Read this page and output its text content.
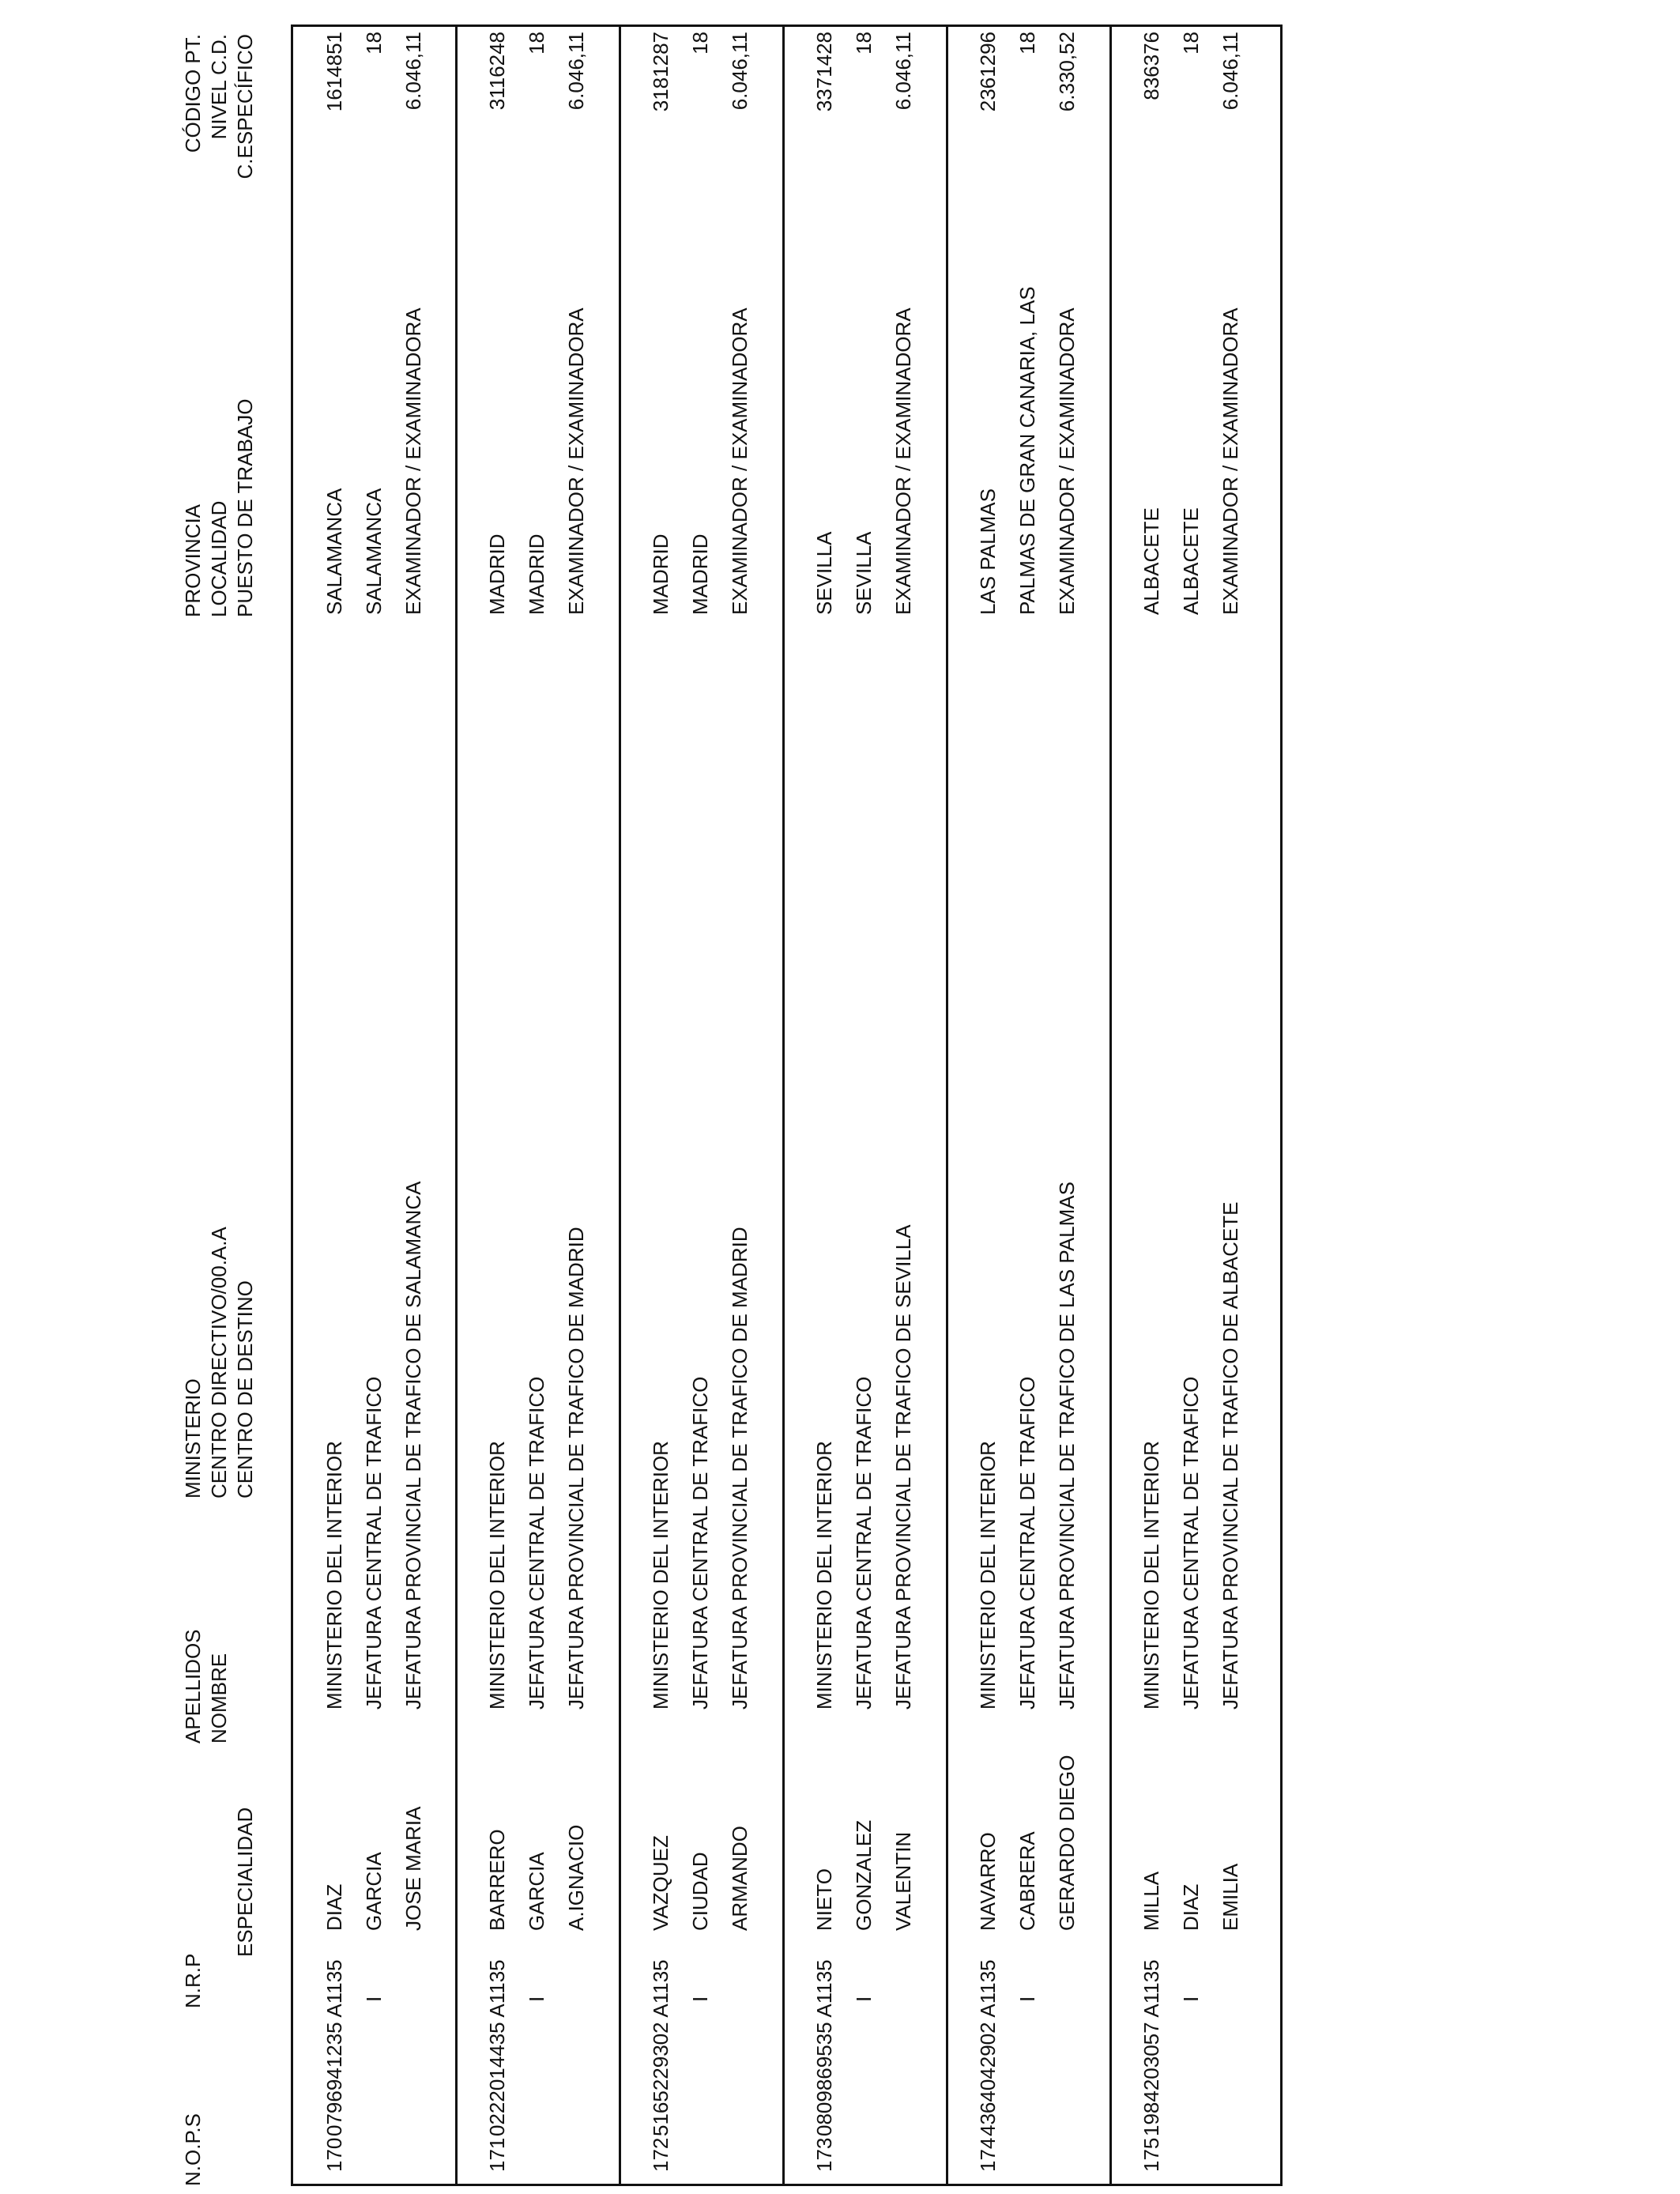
N.O.P.S
N.R.P
ESPECIALIDAD
APELLIDOS NOMBRE
MINISTERIO CENTRO DIRECTIVO/00.A.A CENTRO DE DESTINO
PROVINCIA LOCALIDAD PUESTO DE TRABAJO
CÓDIGO PT. NIVEL C.D. C.ESPECÍFICO
170
0796941235 A1135 I
DIAZ GARCIA JOSE MARIA
MINISTERIO DEL INTERIOR JEFATURA CENTRAL DE TRAFICO JEFATURA PROVINCIAL DE TRAFICO DE SALAMANCA
SALAMANCA SALAMANCA EXAMINADOR / EXAMINADORA
1614851 18 6.046,11
171
0222014435 A1135 I
BARRERO GARCIA A.IGNACIO
MINISTERIO DEL INTERIOR JEFATURA CENTRAL DE TRAFICO JEFATURA PROVINCIAL DE TRAFICO DE MADRID
MADRID MADRID EXAMINADOR / EXAMINADORA
3116248 18 6.046,11
172
5165229302 A1135 I
VAZQUEZ CIUDAD ARMANDO
MINISTERIO DEL INTERIOR JEFATURA CENTRAL DE TRAFICO JEFATURA PROVINCIAL DE TRAFICO DE MADRID
MADRID MADRID EXAMINADOR / EXAMINADORA
3181287 18 6.046,11
173
0809869535 A1135 I
NIETO GONZALEZ VALENTIN
MINISTERIO DEL INTERIOR JEFATURA CENTRAL DE TRAFICO JEFATURA PROVINCIAL DE TRAFICO DE SEVILLA
SEVILLA SEVILLA EXAMINADOR / EXAMINADORA
3371428 18 6.046,11
174
4364042902 A1135 I
NAVARRO CABRERA GERARDO DIEGO
MINISTERIO DEL INTERIOR JEFATURA CENTRAL DE TRAFICO JEFATURA PROVINCIAL DE TRAFICO DE LAS PALMAS
LAS PALMAS PALMAS DE GRAN CANARIA, LAS EXAMINADOR / EXAMINADORA
2361296 18 6.330,52
175
1984203057 A1135 I
MILLA DIAZ EMILIA
MINISTERIO DEL INTERIOR JEFATURA CENTRAL DE TRAFICO JEFATURA PROVINCIAL DE TRAFICO DE ALBACETE
ALBACETE ALBACETE EXAMINADOR / EXAMINADORA
836376 18 6.046,11
